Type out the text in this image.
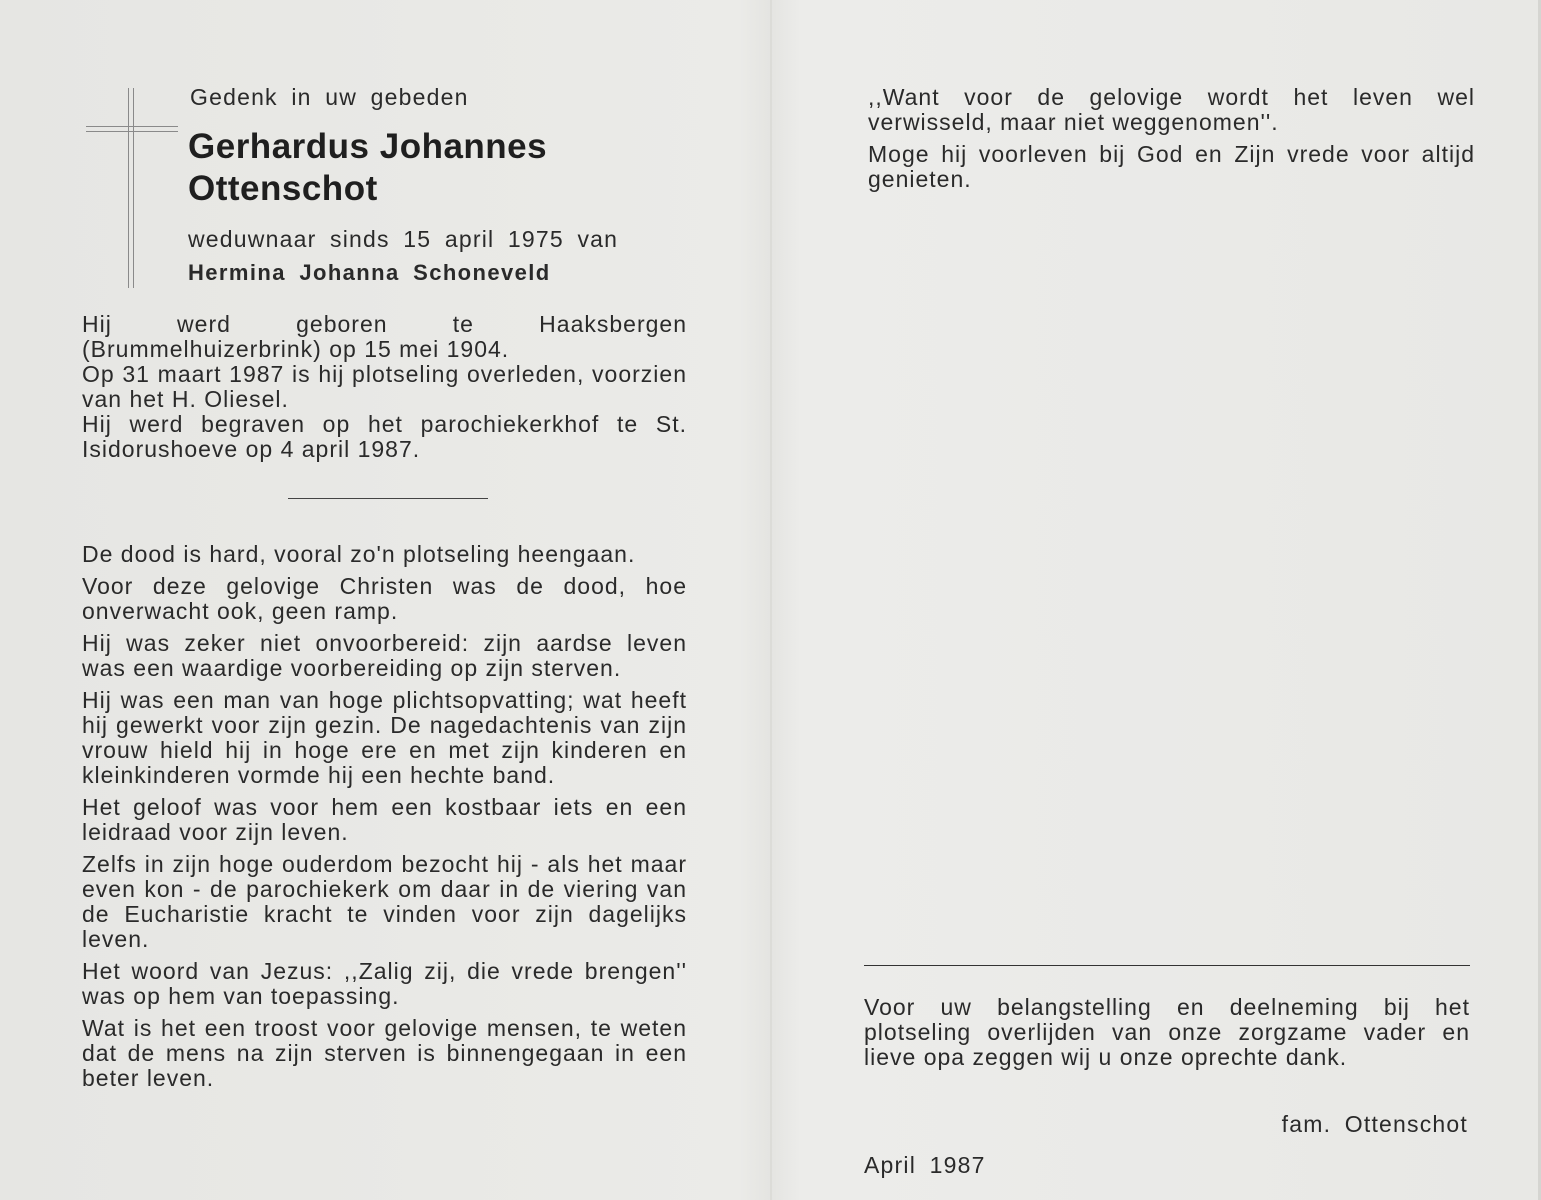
Gedenk in uw gebeden

Gerhardus Johannes
Ottenschot

weduwnaar sinds 15 april 1975 van

Hermina Johanna Schoneveld

Hij werd geboren te Haaksbergen (Brummelhuizerbrink) op 15 mei 1904.

Op 31 maart 1987 is hij plotseling overleden, voorzien van het H. Oliesel.

Hij werd begraven op het parochiekerkhof te St. Isidorushoeve op 4 april 1987.

De dood is hard, vooral zo'n plotseling heengaan.

Voor deze gelovige Christen was de dood, hoe onverwacht ook, geen ramp.

Hij was zeker niet onvoorbereid: zijn aardse leven was een waardige voorbereiding op zijn sterven.

Hij was een man van hoge plichtsopvatting; wat heeft hij gewerkt voor zijn gezin. De nagedachtenis van zijn vrouw hield hij in hoge ere en met zijn kinderen en kleinkinderen vormde hij een hechte band.

Het geloof was voor hem een kostbaar iets en een leidraad voor zijn leven.

Zelfs in zijn hoge ouderdom bezocht hij - als het maar even kon - de parochiekerk om daar in de viering van de Eucharistie kracht te vinden voor zijn dagelijks leven.

Het woord van Jezus: ,,Zalig zij, die vrede brengen'' was op hem van toepassing.

Wat is het een troost voor gelovige mensen, te weten dat de mens na zijn sterven is binnengegaan in een beter leven.

,,Want voor de gelovige wordt het leven wel verwisseld, maar niet weggenomen''.

Moge hij voorleven bij God en Zijn vrede voor altijd genieten.

Voor uw belangstelling en deelneming bij het plotseling overlijden van onze zorgzame vader en lieve opa zeggen wij u onze oprechte dank.

fam. Ottenschot

April 1987
